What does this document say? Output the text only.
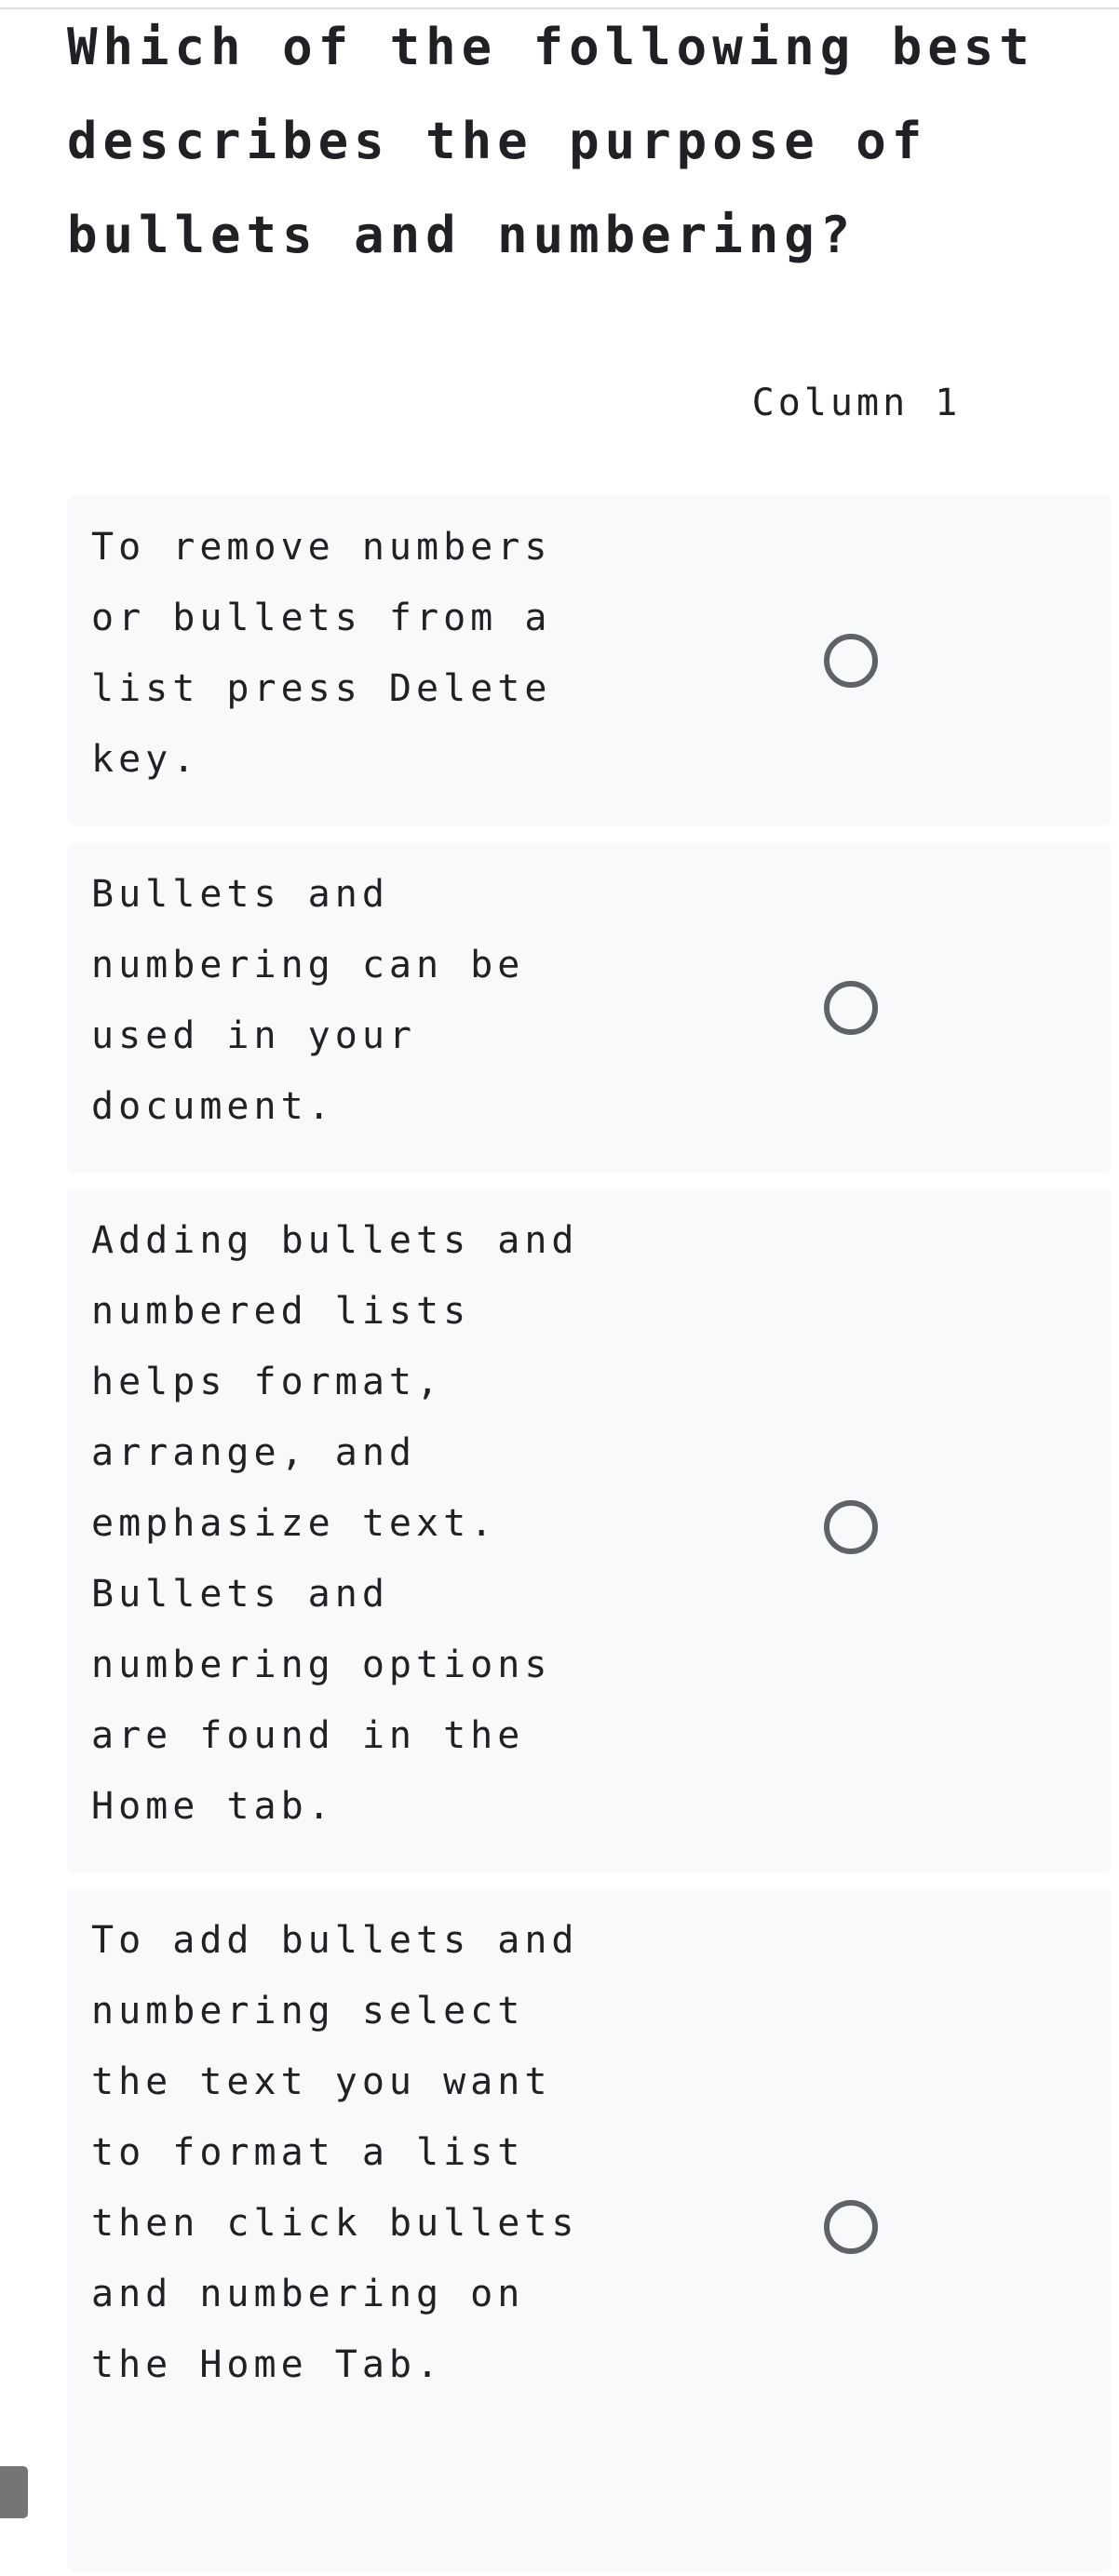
Which of the following best describes the purpose of bullets and numbering?
Column 1
To remove numbers or bullets from a list press Delete key.
Bullets and numbering can be used in your document.
Adding bullets and numbered lists helps format, arrange, and emphasize text. Bullets and numbering options are found in the Home tab.
To add bullets and numbering select the text you want to format a list then click bullets and numbering on the Home Tab.
